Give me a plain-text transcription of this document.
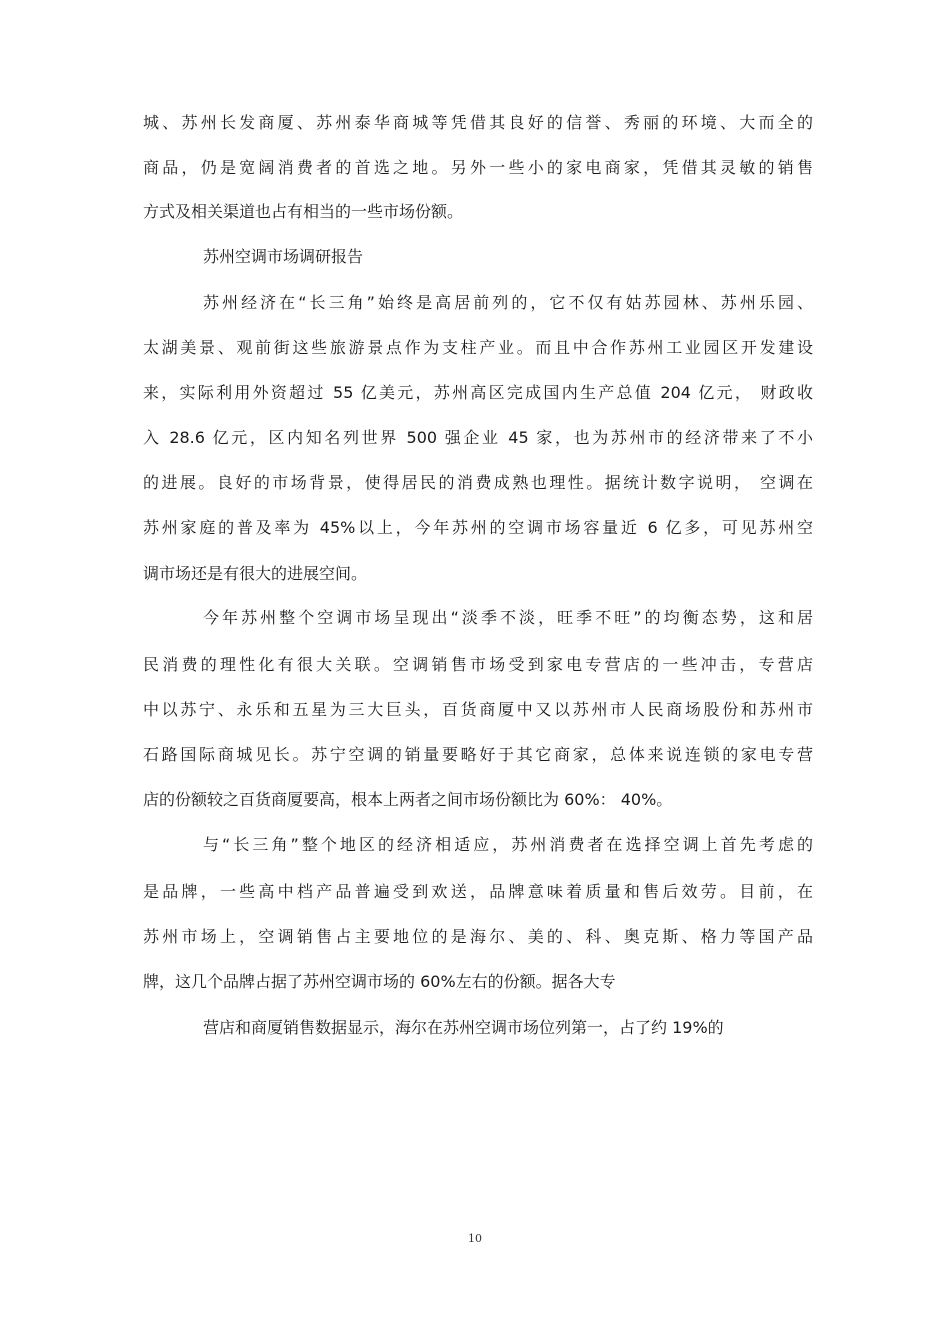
城、苏州长发商厦、苏州泰华商城等凭借其良好的信誉、秀丽的环境、大而全的
商品，仍是宽阔消费者的首选之地。另外一些小的家电商家，凭借其灵敏的销售
方式及相关渠道也占有相当的一些市场份额。
苏州空调市场调研报告
苏州经济在“长三角”始终是高居前列的，它不仅有姑苏园林、苏州乐园、
太湖美景、观前街这些旅游景点作为支柱产业。而且中合作苏州工业园区开发建设
来，实际利用外资超过 55 亿美元，苏州高区完成国内生产总值 204 亿元， 财政收
入 28.6 亿元，区内知名列世界 500 强企业 45 家，也为苏州市的经济带来了不小
的进展。良好的市场背景，使得居民的消费成熟也理性。据统计数字说明， 空调在
苏州家庭的普及率为 45%以上，今年苏州的空调市场容量近 6 亿多，可见苏州空
调市场还是有很大的进展空间。
今年苏州整个空调市场呈现出“淡季不淡，旺季不旺”的均衡态势，这和居
民消费的理性化有很大关联。空调销售市场受到家电专营店的一些冲击，专营店
中以苏宁、永乐和五星为三大巨头，百货商厦中又以苏州市人民商场股份和苏州市
石路国际商城见长。苏宁空调的销量要略好于其它商家，总体来说连锁的家电专营
店的份额较之百货商厦要高，根本上两者之间市场份额比为 60%： 40%。
与“长三角”整个地区的经济相适应，苏州消费者在选择空调上首先考虑的
是品牌，一些高中档产品普遍受到欢送，品牌意味着质量和售后效劳。目前，在
苏州市场上，空调销售占主要地位的是海尔、美的、科、奥克斯、格力等国产品
牌，这几个品牌占据了苏州空调市场的 60%左右的份额。据各大专
营店和商厦销售数据显示，海尔在苏州空调市场位列第一，占了约 19%的
10
